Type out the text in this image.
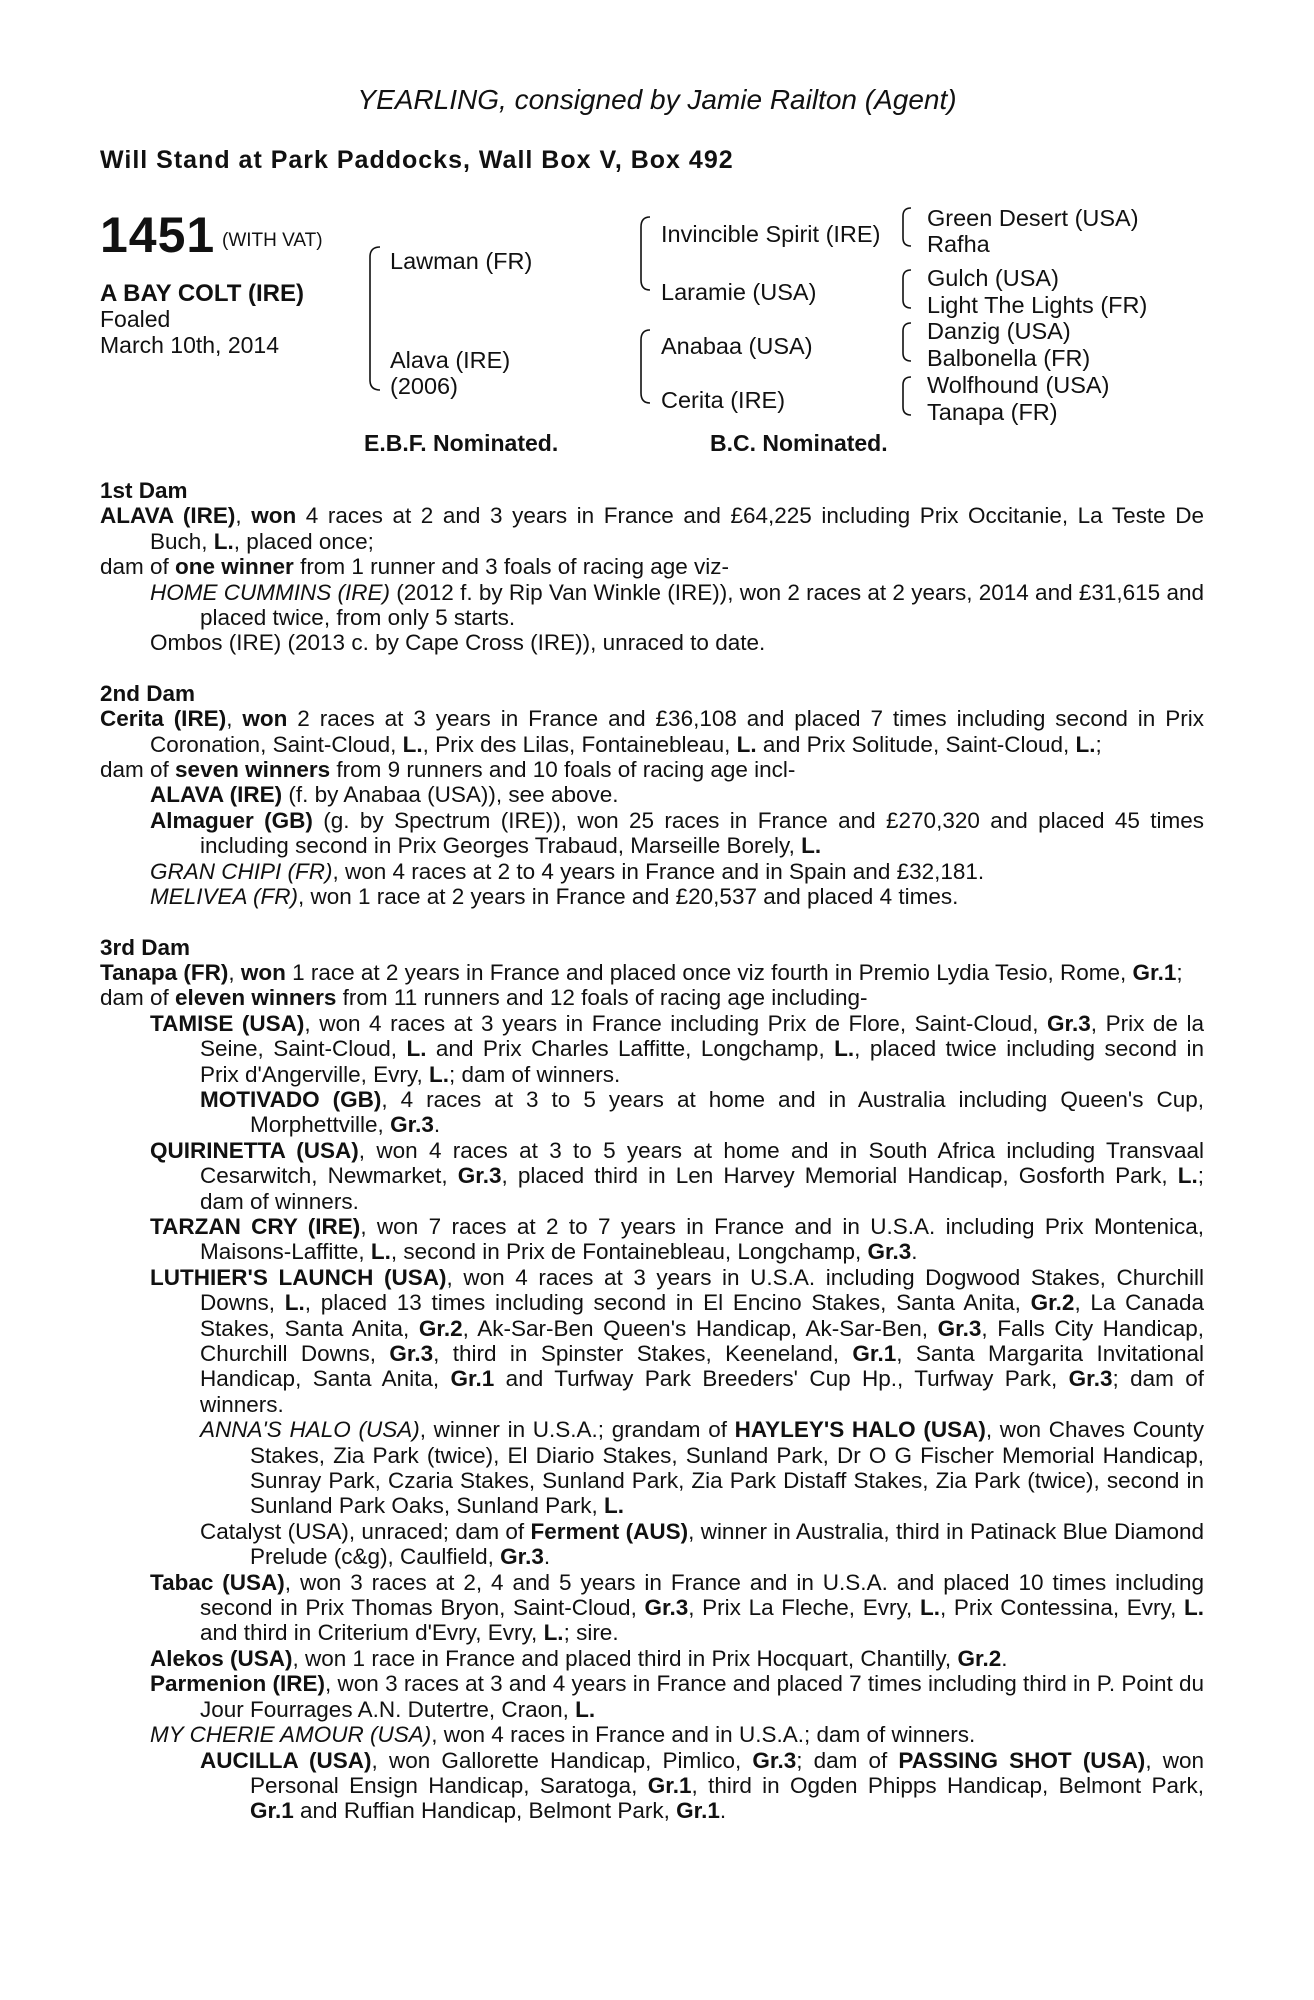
YEARLING, consigned by Jamie Railton (Agent)
Will Stand at Park Paddocks, Wall Box V, Box 492
1451 (WITH VAT)
A BAY COLT (IRE)
Foaled
March 10th, 2014
Lawman (FR)
Alava (IRE)
(2006)
Invincible Spirit (IRE)
Laramie (USA)
Anabaa (USA)
Cerita (IRE)
Green Desert (USA)
Rafha
Gulch (USA)
Light The Lights (FR)
Danzig (USA)
Balbonella (FR)
Wolfhound (USA)
Tanapa (FR)
E.B.F. Nominated.	B.C. Nominated.

1st Dam

ALAVA (IRE), won 4 races at 2 and 3 years in France and £64,225 including Prix Occitanie, La Teste De Buch, L., placed once;

dam of one winner from 1 runner and 3 foals of racing age viz-

HOME CUMMINS (IRE) (2012 f. by Rip Van Winkle (IRE)), won 2 races at 2 years, 2014 and £31,615 and placed twice, from only 5 starts.

Ombos (IRE) (2013 c. by Cape Cross (IRE)), unraced to date.

2nd Dam

Cerita (IRE), won 2 races at 3 years in France and £36,108 and placed 7 times including second in Prix Coronation, Saint-Cloud, L., Prix des Lilas, Fontainebleau, L. and Prix Solitude, Saint-Cloud, L.;

dam of seven winners from 9 runners and 10 foals of racing age incl-

ALAVA (IRE) (f. by Anabaa (USA)), see above.

Almaguer (GB) (g. by Spectrum (IRE)), won 25 races in France and £270,320 and placed 45 times including second in Prix Georges Trabaud, Marseille Borely, L.

GRAN CHIPI (FR), won 4 races at 2 to 4 years in France and in Spain and £32,181.

MELIVEA (FR), won 1 race at 2 years in France and £20,537 and placed 4 times.

3rd Dam

Tanapa (FR), won 1 race at 2 years in France and placed once viz fourth in Premio Lydia Tesio, Rome, Gr.1;

dam of eleven winners from 11 runners and 12 foals of racing age including-

TAMISE (USA), won 4 races at 3 years in France including Prix de Flore, Saint-Cloud, Gr.3, Prix de la Seine, Saint-Cloud, L. and Prix Charles Laffitte, Longchamp, L., placed twice including second in Prix d'Angerville, Evry, L.; dam of winners.

MOTIVADO (GB), 4 races at 3 to 5 years at home and in Australia including Queen's Cup, Morphettville, Gr.3.

QUIRINETTA (USA), won 4 races at 3 to 5 years at home and in South Africa including Transvaal Cesarwitch, Newmarket, Gr.3, placed third in Len Harvey Memorial Handicap, Gosforth Park, L.; dam of winners.

TARZAN CRY (IRE), won 7 races at 2 to 7 years in France and in U.S.A. including Prix Montenica, Maisons-Laffitte, L., second in Prix de Fontainebleau, Longchamp, Gr.3.

LUTHIER'S LAUNCH (USA), won 4 races at 3 years in U.S.A. including Dogwood Stakes, Churchill Downs, L., placed 13 times including second in El Encino Stakes, Santa Anita, Gr.2, La Canada Stakes, Santa Anita, Gr.2, Ak-Sar-Ben Queen's Handicap, Ak-Sar-Ben, Gr.3, Falls City Handicap, Churchill Downs, Gr.3, third in Spinster Stakes, Keeneland, Gr.1, Santa Margarita Invitational Handicap, Santa Anita, Gr.1 and Turfway Park Breeders' Cup Hp., Turfway Park, Gr.3; dam of winners.

ANNA'S HALO (USA), winner in U.S.A.; grandam of HAYLEY'S HALO (USA), won Chaves County Stakes, Zia Park (twice), El Diario Stakes, Sunland Park, Dr O G Fischer Memorial Handicap, Sunray Park, Czaria Stakes, Sunland Park, Zia Park Distaff Stakes, Zia Park (twice), second in Sunland Park Oaks, Sunland Park, L.

Catalyst (USA), unraced; dam of Ferment (AUS), winner in Australia, third in Patinack Blue Diamond Prelude (c&g), Caulfield, Gr.3.

Tabac (USA), won 3 races at 2, 4 and 5 years in France and in U.S.A. and placed 10 times including second in Prix Thomas Bryon, Saint-Cloud, Gr.3, Prix La Fleche, Evry, L., Prix Contessina, Evry, L. and third in Criterium d'Evry, Evry, L.; sire.

Alekos (USA), won 1 race in France and placed third in Prix Hocquart, Chantilly, Gr.2.

Parmenion (IRE), won 3 races at 3 and 4 years in France and placed 7 times including third in P. Point du Jour Fourrages A.N. Dutertre, Craon, L.

MY CHERIE AMOUR (USA), won 4 races in France and in U.S.A.; dam of winners.

AUCILLA (USA), won Gallorette Handicap, Pimlico, Gr.3; dam of PASSING SHOT (USA), won Personal Ensign Handicap, Saratoga, Gr.1, third in Ogden Phipps Handicap, Belmont Park, Gr.1 and Ruffian Handicap, Belmont Park, Gr.1.
